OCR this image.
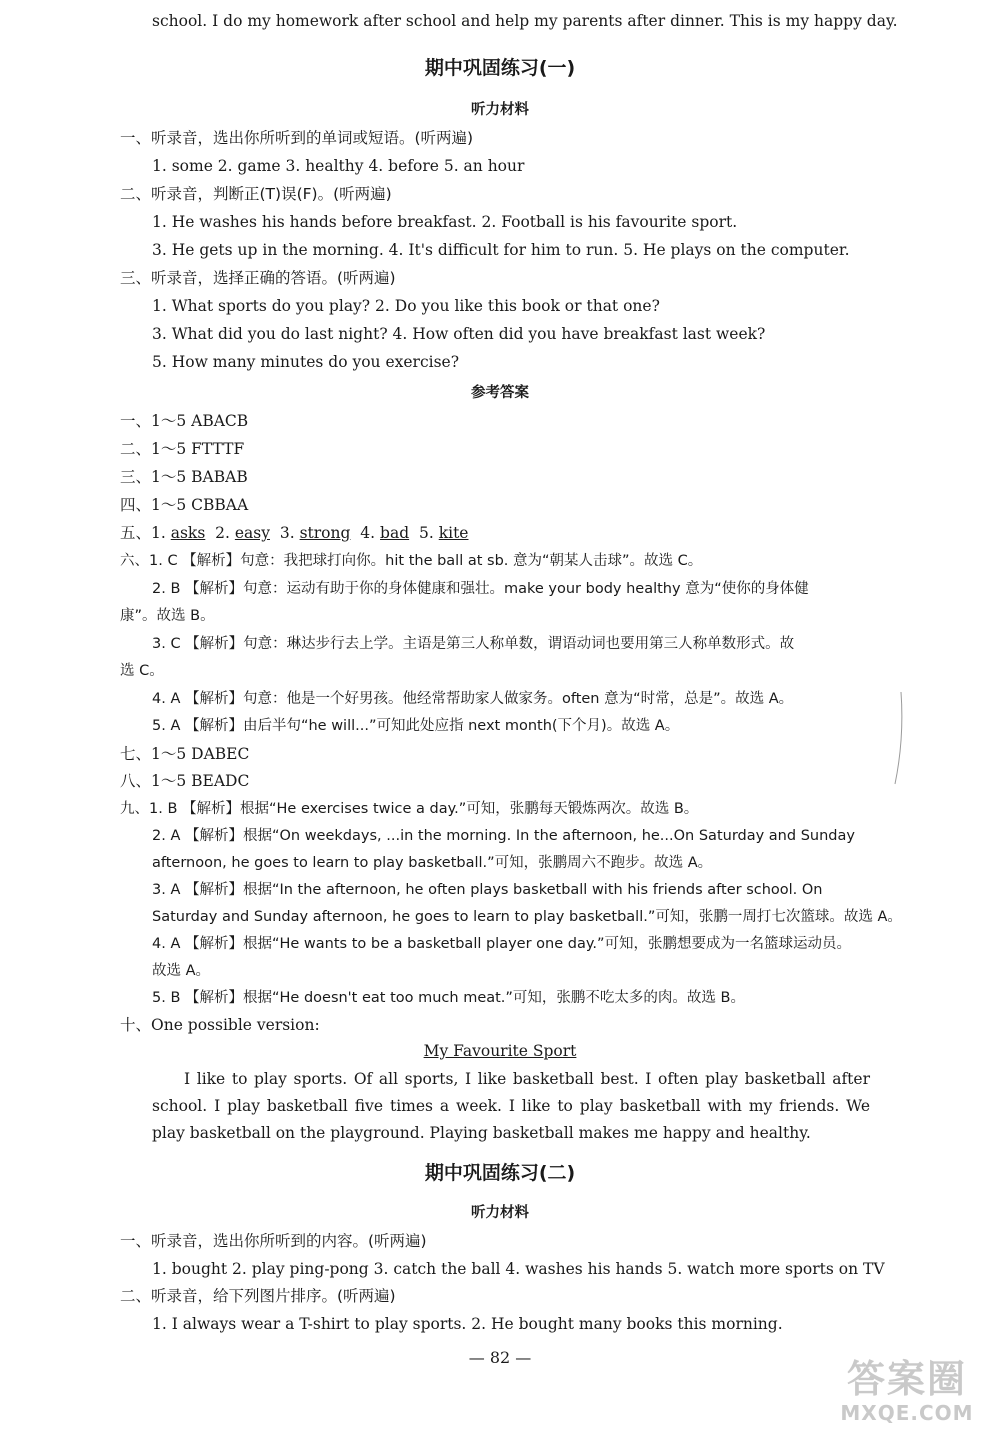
school. I do my homework after school and help my parents after dinner. This is my happy day.
期中巩固练习(一)
听力材料
一、听录音，选出你所听到的单词或短语。(听两遍)
1. some 2. game 3. healthy 4. before 5. an hour
二、听录音，判断正(T)误(F)。(听两遍)
1. He washes his hands before breakfast. 2. Football is his favourite sport.
3. He gets up in the morning. 4. It's difficult for him to run. 5. He plays on the computer.
三、听录音，选择正确的答语。(听两遍)
1. What sports do you play? 2. Do you like this book or that one?
3. What did you do last night? 4. How often did you have breakfast last week?
5. How many minutes do you exercise?
参考答案
一、1～5 ABACB
二、1～5 FTTTF
三、1～5 BABAB
四、1～5 CBBAA
五、1. asks 2. easy 3. strong 4. bad 5. kite
六、1. C 【解析】句意：我把球打向你。hit the ball at sb. 意为“朝某人击球”。故选 C。
2. B 【解析】句意：运动有助于你的身体健康和强壮。make your body healthy 意为“使你的身体健
康”。故选 B。
3. C 【解析】句意：琳达步行去上学。主语是第三人称单数，谓语动词也要用第三人称单数形式。故
选 C。
4. A 【解析】句意：他是一个好男孩。他经常帮助家人做家务。often 意为“时常，总是”。故选 A。
5. A 【解析】由后半句“he will...”可知此处应指 next month(下个月)。故选 A。
七、1～5 DABEC
八、1～5 BEADC
九、1. B 【解析】根据“He exercises twice a day.”可知，张鹏每天锻炼两次。故选 B。
2. A 【解析】根据“On weekdays, ...in the morning. In the afternoon, he...On Saturday and Sunday
afternoon, he goes to learn to play basketball.”可知，张鹏周六不跑步。故选 A。
3. A 【解析】根据“In the afternoon, he often plays basketball with his friends after school. On
Saturday and Sunday afternoon, he goes to learn to play basketball.”可知，张鹏一周打七次篮球。故选 A。
4. A 【解析】根据“He wants to be a basketball player one day.”可知，张鹏想要成为一名篮球运动员。
故选 A。
5. B 【解析】根据“He doesn't eat too much meat.”可知，张鹏不吃太多的肉。故选 B。
十、One possible version:
My Favourite Sport
I like to play sports. Of all sports, I like basketball best. I often play basketball after school. I play basketball five times a week. I like to play basketball with my friends. We play basketball on the playground. Playing basketball makes me happy and healthy.
期中巩固练习(二)
听力材料
一、听录音，选出你所听到的内容。(听两遍)
1. bought 2. play ping-pong 3. catch the ball 4. washes his hands 5. watch more sports on TV
二、听录音，给下列图片排序。(听两遍)
1. I always wear a T-shirt to play sports. 2. He bought many books this morning.
— 82 —	答案圈
MXQE.COM
